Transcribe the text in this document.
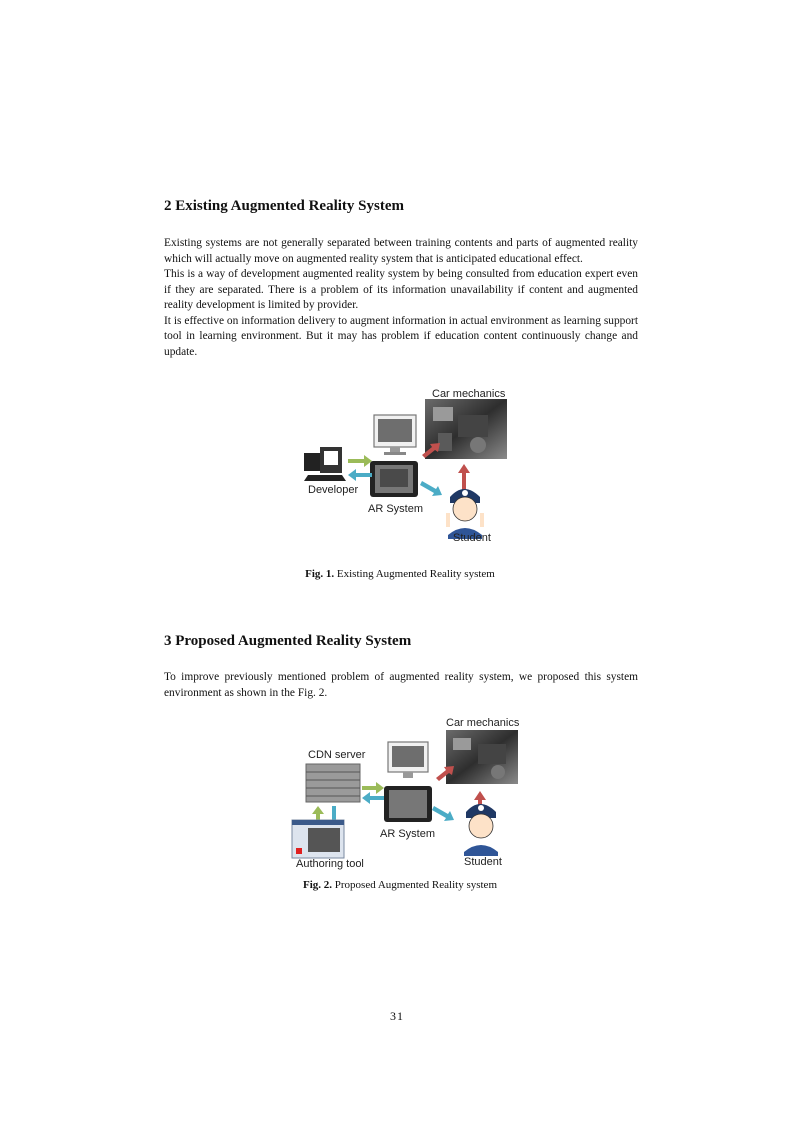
2 Existing Augmented Reality System

Existing systems are not generally separated between training contents and parts of augmented reality which will actually move on augmented reality system that is anticipated educational effect.

This is a way of development augmented reality system by being consulted from education expert even if they are separated. There is a problem of its information unavailability if content and augmented reality development is limited by provider.

It is effective on information delivery to augment information in actual environment as learning support tool in learning environment. But it may has problem if education content continuously change and update.

Car mechanics
Developer
AR System
Student

Fig. 1. Existing Augmented Reality system

3 Proposed Augmented Reality System

To improve previously mentioned problem of augmented reality system, we proposed this system environment as shown in the Fig. 2.

CDN server
Car mechanics
AR System
Authoring tool	Student

Fig. 2. Proposed Augmented Reality system

31
